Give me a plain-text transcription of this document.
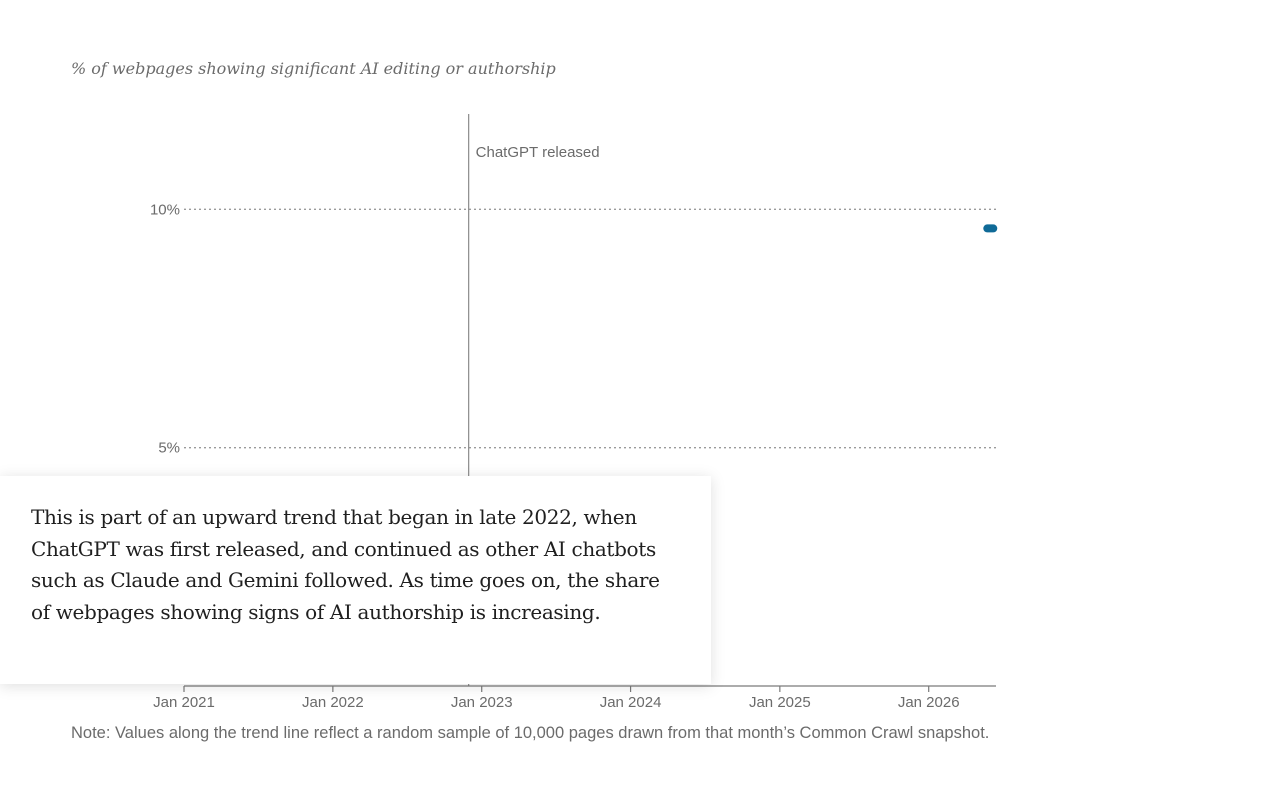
% of webpages showing significant AI editing or authorship
10%
5%
ChatGPT released
Jan 2021	Jan 2022	Jan 2023	Jan 2024	Jan 2025	Jan 2026

This is part of an upward trend that began in late 2022, when ChatGPT was first released, and continued as other AI chatbots such as Claude and Gemini followed. As time goes on, the share of webpages showing signs of AI authorship is increasing.

Note: Values along the trend line reflect a random sample of 10,000 pages drawn from that month’s Common Crawl snapshot.
